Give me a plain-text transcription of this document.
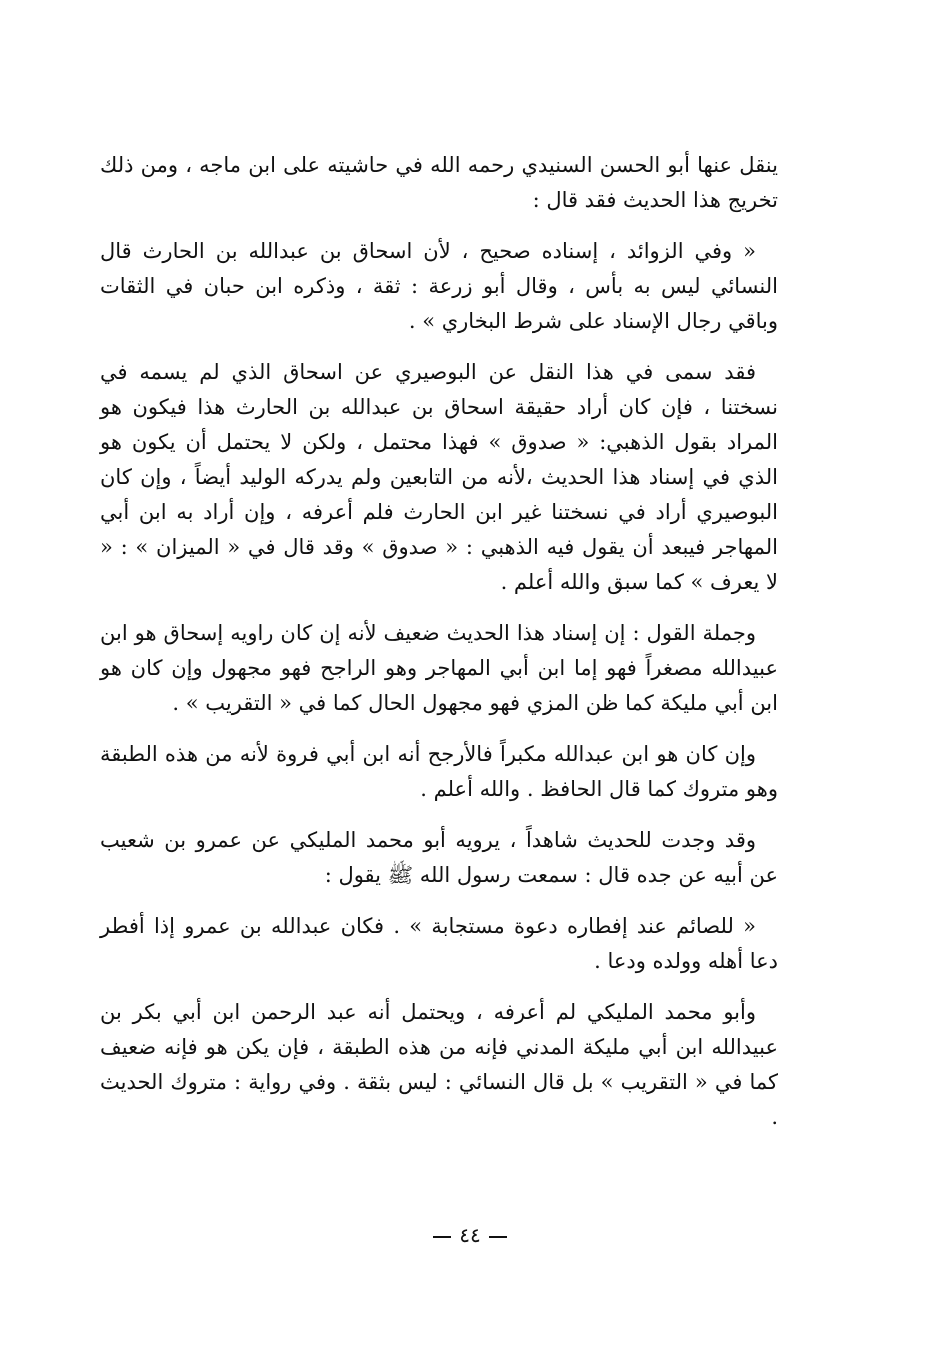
ينقل عنها أبو الحسن السنيدي رحمه الله في حاشيته على ابن ماجه ، ومن ذلك تخريج هذا الحديث فقد قال :

« وفي الزوائد ، إسناده صحيح ، لأن اسحاق بن عبدالله بن الحارث قال النسائي ليس به بأس ، وقال أبو زرعة : ثقة ، وذكره ابن حبان في الثقات وباقي رجال الإسناد على شرط البخاري » .

فقد سمى في هذا النقل عن البوصيري عن اسحاق الذي لم يسمه في نسختنا ، فإن كان أراد حقيقة اسحاق بن عبدالله بن الحارث هذا فيكون هو المراد بقول الذهبي: « صدوق » فهذا محتمل ، ولكن لا يحتمل أن يكون هو الذي في إسناد هذا الحديث ،لأنه من التابعين ولم يدركه الوليد أيضاً ، وإن كان البوصيري أراد في نسختنا غير ابن الحارث فلم أعرفه ، وإن أراد به ابن أبي المهاجر فيبعد أن يقول فيه الذهبي : « صدوق » وقد قال في « الميزان » : « لا يعرف » كما سبق والله أعلم .

وجملة القول : إن إسناد هذا الحديث ضعيف لأنه إن كان راويه إسحاق هو ابن عبيدالله مصغراً فهو إما ابن أبي المهاجر وهو الراجح فهو مجهول وإن كان هو ابن أبي مليكة كما ظن المزي فهو مجهول الحال كما في « التقريب » .

وإن كان هو ابن عبدالله مكبراً فالأرجح أنه ابن أبي فروة لأنه من هذه الطبقة وهو متروك كما قال الحافظ . والله أعلم .

وقد وجدت للحديث شاهداً ، يرويه أبو محمد المليكي عن عمرو بن شعيب عن أبيه عن جده قال : سمعت رسول الله ﷺ يقول :

« للصائم عند إفطاره دعوة مستجابة » . فكان عبدالله بن عمرو إذا أفطر دعا أهله وولده ودعا .

وأبو محمد المليكي لم أعرفه ، ويحتمل أنه عبد الرحمن ابن أبي بكر بن عبيدالله ابن أبي مليكة المدني فإنه من هذه الطبقة ، فإن يكن هو فإنه ضعيف كما في « التقريب » بل قال النسائي : ليس بثقة . وفي رواية : متروك الحديث .

٤٤
